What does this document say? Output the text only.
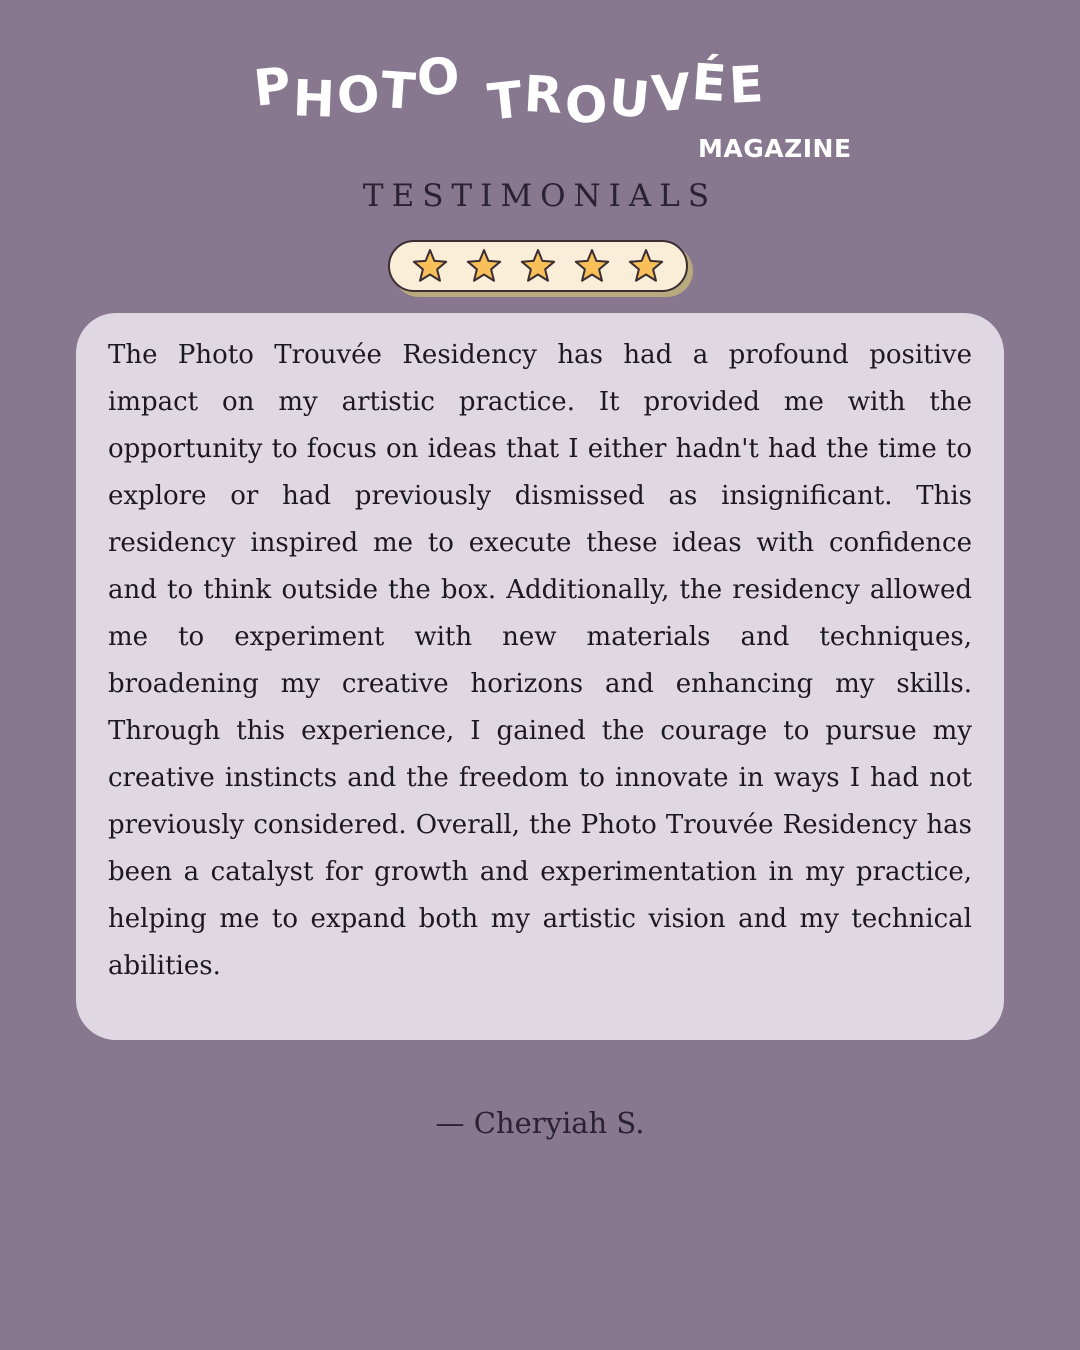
PHOTO TROUVÉE
MAGAZINE
TESTIMONIALS

The Photo Trouvée Residency has had a profound positive impact on my artistic practice. It provided me with the opportunity to focus on ideas that I either hadn't had the time to explore or had previously dismissed as insignificant. This residency inspired me to execute these ideas with confidence and to think outside the box. Additionally, the residency allowed me to experiment with new materials and techniques, broadening my creative horizons and enhancing my skills. Through this experience, I gained the courage to pursue my creative instincts and the freedom to innovate in ways I had not previously considered. Overall, the Photo Trouvée Residency has been a catalyst for growth and experimentation in my practice, helping me to expand both my artistic vision and my technical abilities.

— Cheryiah S.
